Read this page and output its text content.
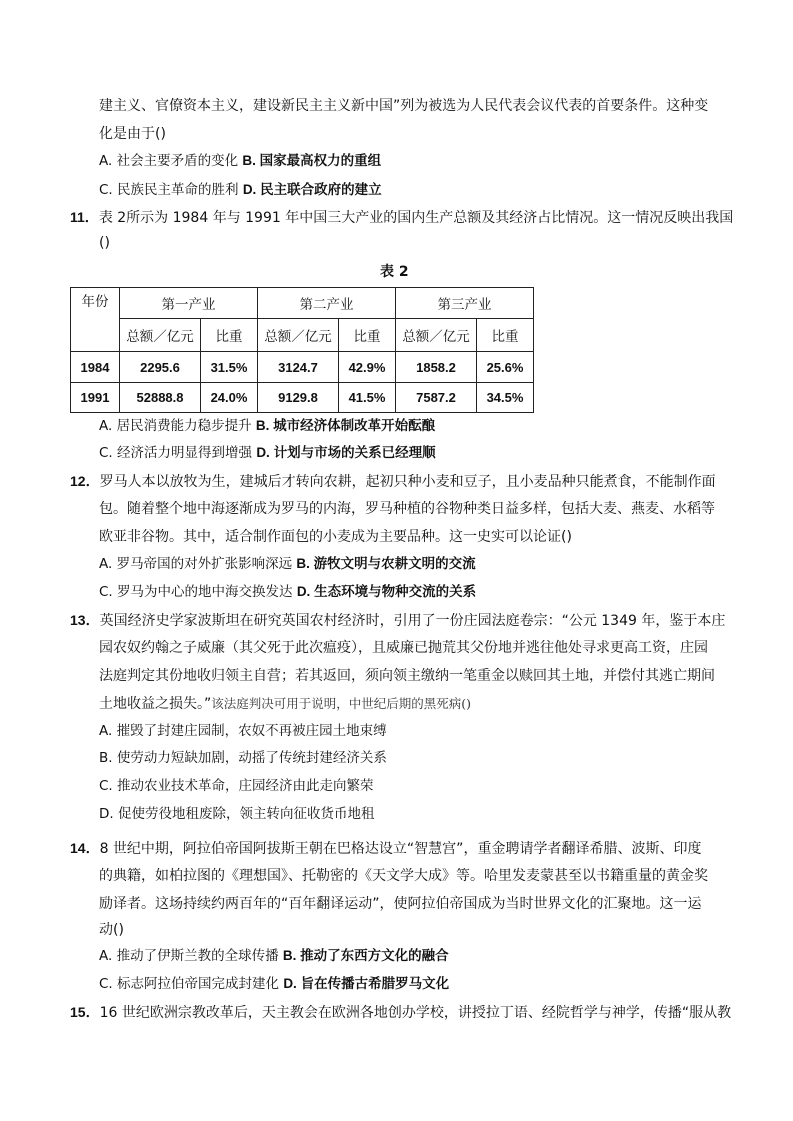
建主义、官僚资本主义，建设新民主主义新中国”列为被选为人民代表会议代表的首要条件。这种变
化是由于()
A. 社会主要矛盾的变化 B. 国家最高权力的重组
C. 民族民主革命的胜利 D. 民主联合政府的建立
11．表 2所示为 1984 年与 1991 年中国三大产业的国内生产总额及其经济占比情况。这一情况反映出我国
()
表 2
年份	第一产业		第二产业		第三产业	
	总额／亿元	比重	总额／亿元	比重	总额／亿元	比重
1984	2295.6	31.5%	3124.7	42.9%	1858.2	25.6%
1991	52888.8	24.0%	9129.8	41.5%	7587.2	34.5%
A. 居民消费能力稳步提升 B. 城市经济体制改革开始酝酿
C. 经济活力明显得到增强 D. 计划与市场的关系已经理顺
12．罗马人本以放牧为生，建城后才转向农耕，起初只种小麦和豆子，且小麦品种只能煮食，不能制作面
包。随着整个地中海逐渐成为罗马的内海，罗马种植的谷物种类日益多样，包括大麦、燕麦、水稻等
欧亚非谷物。其中，适合制作面包的小麦成为主要品种。这一史实可以论证()
A. 罗马帝国的对外扩张影响深远 B. 游牧文明与农耕文明的交流
C. 罗马为中心的地中海交换发达 D. 生态环境与物种交流的关系
13．英国经济史学家波斯坦在研究英国农村经济时，引用了一份庄园法庭卷宗：“公元 1349 年，鉴于本庄
园农奴约翰之子威廉（其父死于此次瘟疫），且威廉已抛荒其父份地并逃往他处寻求更高工资，庄园
法庭判定其份地收归领主自营；若其返回，须向领主缴纳一笔重金以赎回其土地，并偿付其逃亡期间
土地收益之损失。”该法庭判决可用于说明，中世纪后期的黑死病()
A. 摧毁了封建庄园制，农奴不再被庄园土地束缚
B. 使劳动力短缺加剧，动摇了传统封建经济关系
C. 推动农业技术革命，庄园经济由此走向繁荣
D. 促使劳役地租废除，领主转向征收货币地租
14．8 世纪中期，阿拉伯帝国阿拔斯王朝在巴格达设立“智慧宫”，重金聘请学者翻译希腊、波斯、印度
的典籍，如柏拉图的《理想国》、托勒密的《天文学大成》等。哈里发麦蒙甚至以书籍重量的黄金奖
励译者。这场持续约两百年的“百年翻译运动”，使阿拉伯帝国成为当时世界文化的汇聚地。这一运
动()
A. 推动了伊斯兰教的全球传播 B. 推动了东西方文化的融合
C. 标志阿拉伯帝国完成封建化 D. 旨在传播古希腊罗马文化
15．16 世纪欧洲宗教改革后，天主教会在欧洲各地创办学校，讲授拉丁语、经院哲学与神学，传播“服从教
